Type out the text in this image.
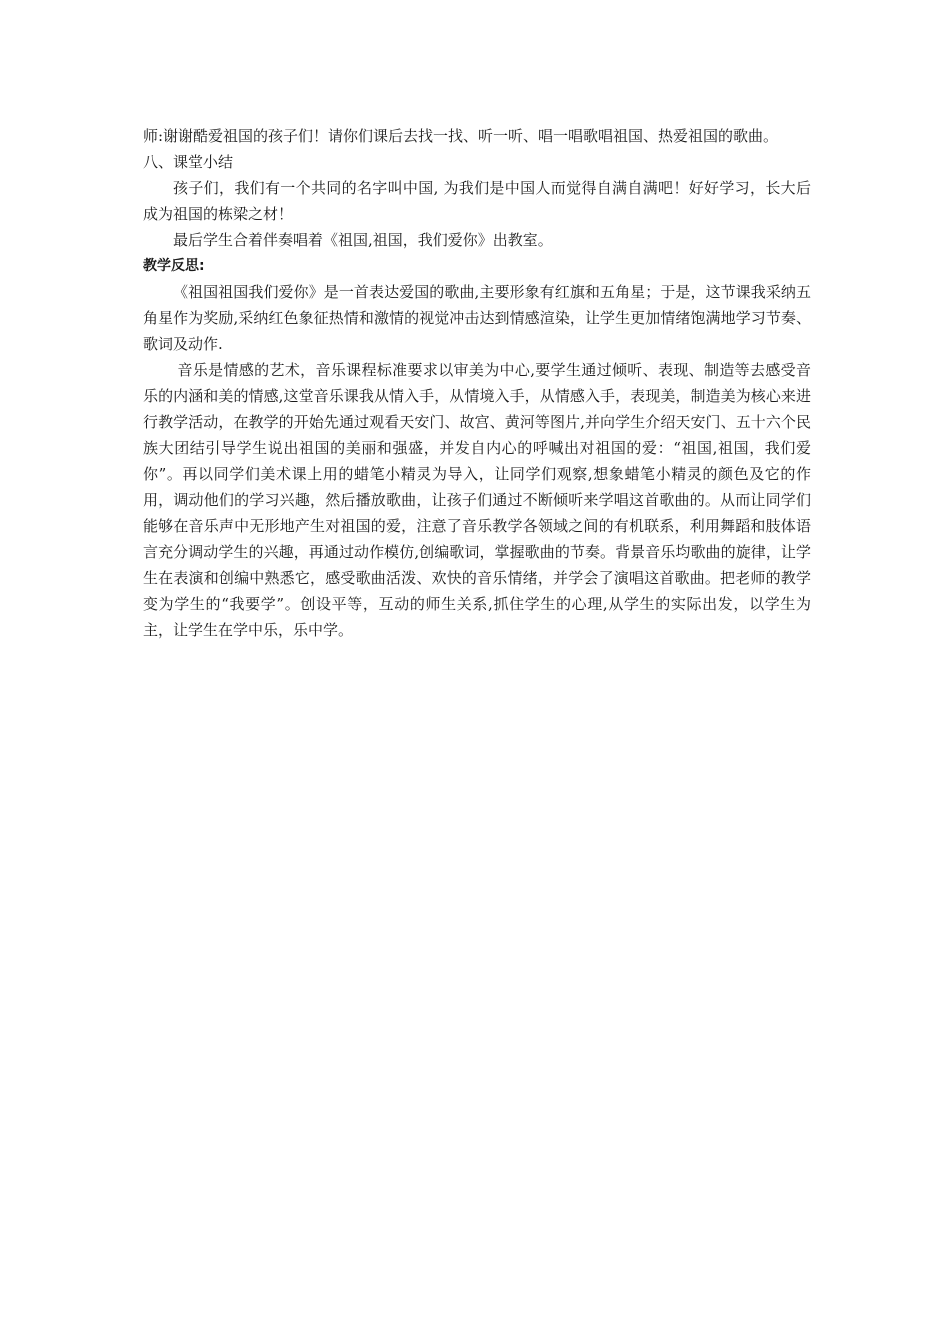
师:谢谢酷爱祖国的孩子们！请你们课后去找一找、听一听、唱一唱歌唱祖国、热爱祖国的歌曲。

八、课堂小结

孩子们，我们有一个共同的名字叫中国, 为我们是中国人而觉得自满自满吧！好好学习，长大后成为祖国的栋梁之材！

最后学生合着伴奏唱着《祖国,祖国，我们爱你》出教室。

教学反思:

《祖国祖国我们爱你》是一首表达爱国的歌曲,主要形象有红旗和五角星；于是，这节课我采纳五角星作为奖励,采纳红色象征热情和激情的视觉冲击达到情感渲染，让学生更加情绪饱满地学习节奏、歌词及动作.

音乐是情感的艺术，音乐课程标准要求以审美为中心,要学生通过倾听、表现、制造等去感受音乐的内涵和美的情感,这堂音乐课我从情入手，从情境入手，从情感入手，表现美，制造美为核心来进行教学活动，在教学的开始先通过观看天安门、故宫、黄河等图片,并向学生介绍天安门、五十六个民族大团结引导学生说出祖国的美丽和强盛，并发自内心的呼喊出对祖国的爱：“祖国,祖国，我们爱你”。再以同学们美术课上用的蜡笔小精灵为导入，让同学们观察,想象蜡笔小精灵的颜色及它的作用，调动他们的学习兴趣，然后播放歌曲，让孩子们通过不断倾听来学唱这首歌曲的。从而让同学们能够在音乐声中无形地产生对祖国的爱，注意了音乐教学各领域之间的有机联系，利用舞蹈和肢体语言充分调动学生的兴趣，再通过动作模仿,创编歌词，掌握歌曲的节奏。背景音乐均歌曲的旋律，让学生在表演和创编中熟悉它，感受歌曲活泼、欢快的音乐情绪，并学会了演唱这首歌曲。把老师的教学变为学生的“我要学”。创设平等，互动的师生关系,抓住学生的心理,从学生的实际出发，以学生为主，让学生在学中乐，乐中学。
